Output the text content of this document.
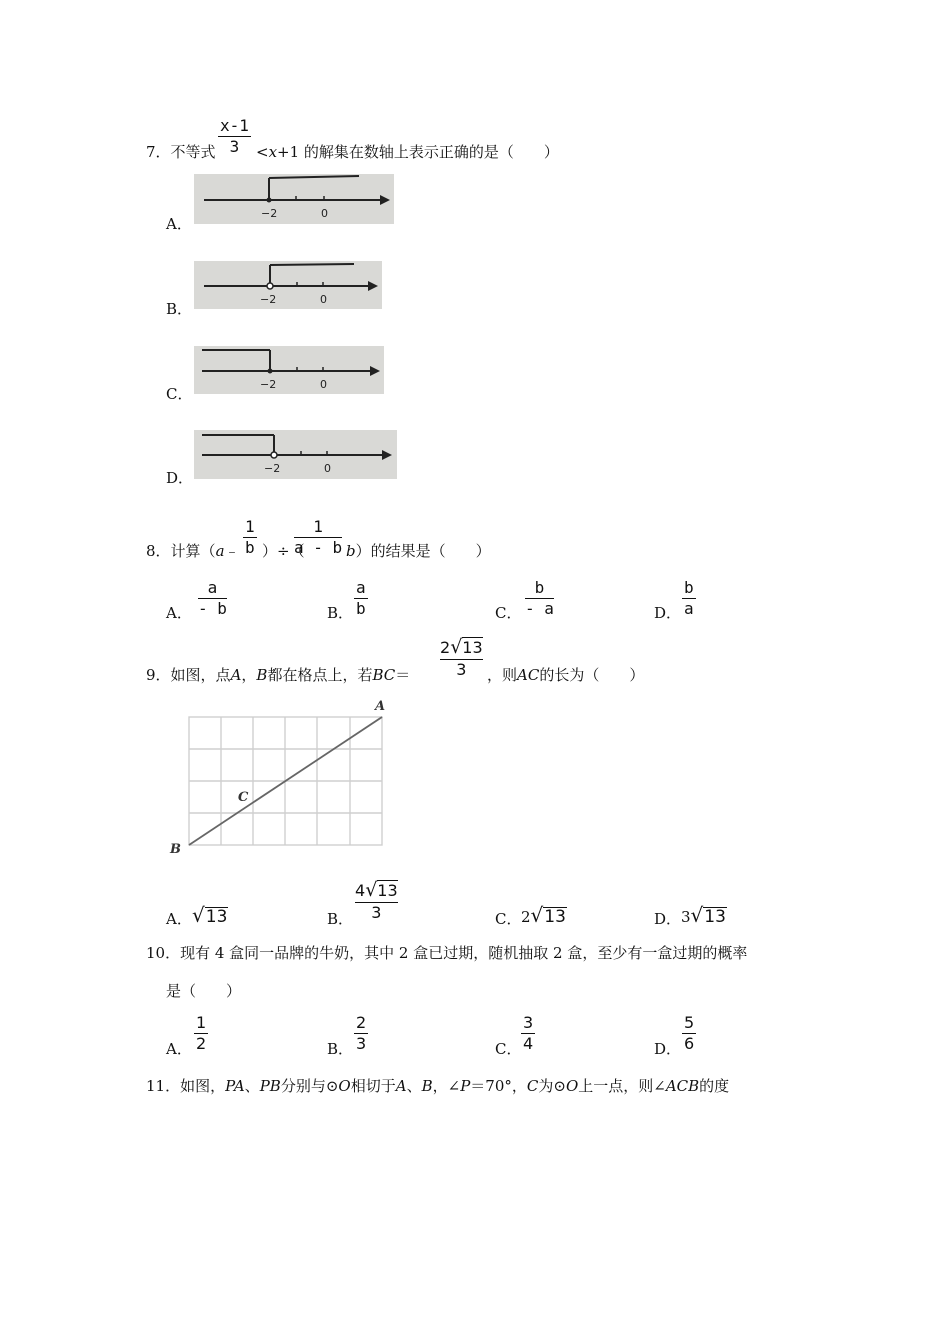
7．不等式 $\frac{x-1}{3} <x+1$ 的解集在数轴上表示正确的是（　　）
A．
−2	0
B．
−2	0
C．
−2	0
D．
−2	0
8．计算（a﹣ $\frac{1}{b}$ ）÷（
$\frac{1}{a - b} b$）的结果是（　　）
A． $\frac{a}{- b}$	B． $\frac{a}{b}$	C． $\frac{b}{- a}$	D． $\frac{b}{a}$
9．如图，点A，B都在格点上，若BC＝
2√13
3	，则AC的长为（　　）
A
B
C
A． √13	B．
4√13
3	C． 2√13	D． 3√13
10．现有 4 盒同一品牌的牛奶，其中 2 盒已过期，随机抽取 2 盒，至少有一盒过期的概率
是（　　）
A． $\frac{1}{2}$	B． $\frac{2}{3}$	C． $\frac{3}{4}$	D． $\frac{5}{6}$
11．如图，PA、PB分别与⊙O相切于A、B，∠P＝70°，C为⊙O上一点，则∠ACB的度
